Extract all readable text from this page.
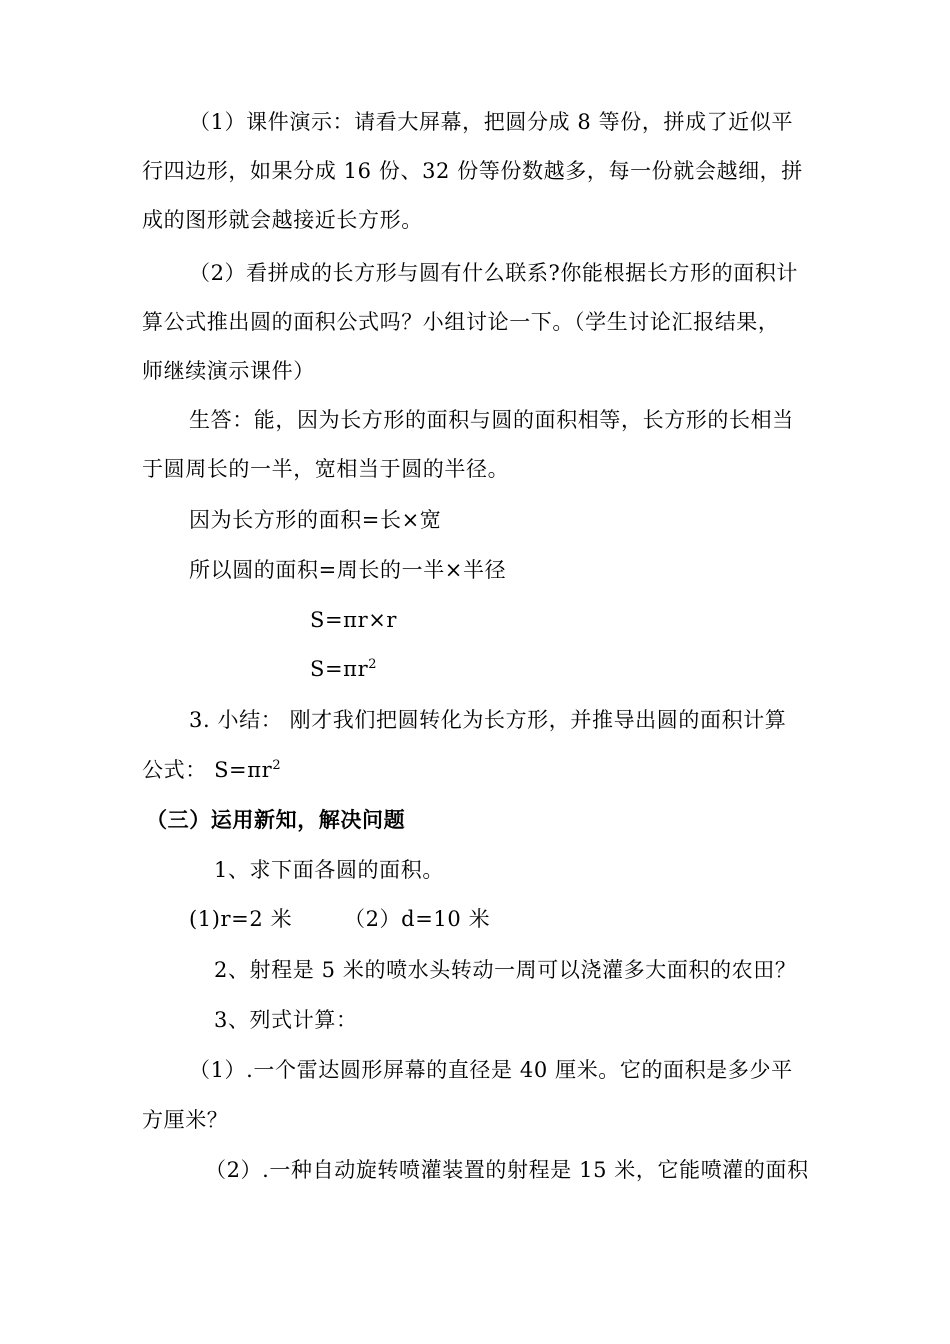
（1）课件演示：请看大屏幕，把圆分成 8 等份，拼成了近似平
行四边形，如果分成 16 份、32 份等份数越多，每一份就会越细，拼
成的图形就会越接近长方形。
（2）看拼成的长方形与圆有什么联系?你能根据长方形的面积计
算公式推出圆的面积公式吗？小组讨论一下。（学生讨论汇报结果，
师继续演示课件）
生答：能，因为长方形的面积与圆的面积相等，长方形的长相当
于圆周长的一半，宽相当于圆的半径。
因为长方形的面积=长×宽
所以圆的面积=周长的一半×半径
S=πr×r
$S=\pi r^2$
3. 小结： 刚才我们把圆转化为长方形，并推导出圆的面积计算
公式： $S=\pi r^2$
（三）运用新知，解决问题
1、求下面各圆的面积。
(1)r=2 米 （2）d=10 米
2、射程是 5 米的喷水头转动一周可以浇灌多大面积的农田？
3、列式计算：
（1）.一个雷达圆形屏幕的直径是 40 厘米。它的面积是多少平
方厘米？
（2）.一种自动旋转喷灌装置的射程是 15 米，它能喷灌的面积
